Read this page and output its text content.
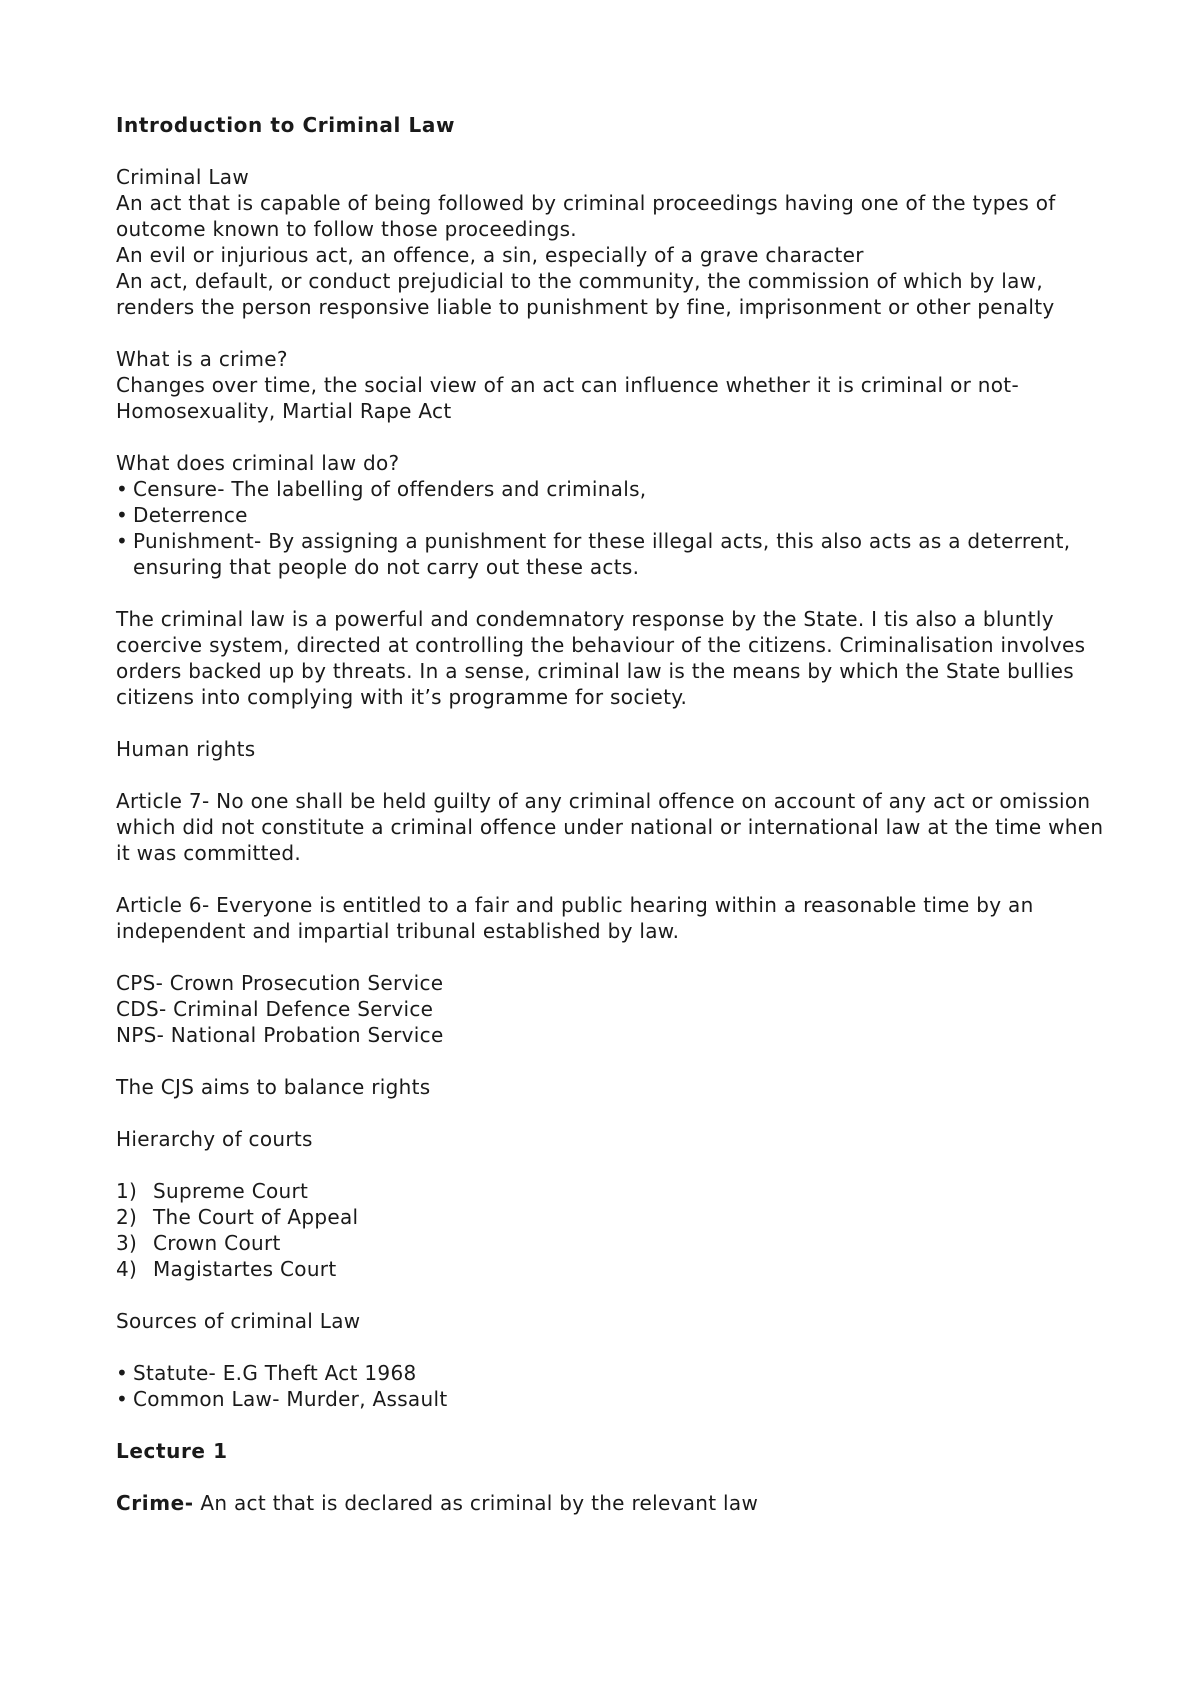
Introduction to Criminal Law

Criminal Law

An act that is capable of being followed by criminal proceedings having one of the types of outcome known to follow those proceedings.

An evil or injurious act, an offence, a sin, especially of a grave character

An act, default, or conduct prejudicial to the community, the commission of which by law, renders the person responsive liable to punishment by fine, imprisonment or other penalty

What is a crime?

Changes over time, the social view of an act can influence whether it is criminal or not- Homosexuality, Martial Rape Act

What does criminal law do?

• Censure- The labelling of offenders and criminals,
• Deterrence
• Punishment- By assigning a punishment for these illegal acts, this also acts as a deterrent, ensuring that people do not carry out these acts.

The criminal law is a powerful and condemnatory response by the State. I tis also a bluntly coercive system, directed at controlling the behaviour of the citizens. Criminalisation involves orders backed up by threats. In a sense, criminal law is the means by which the State bullies citizens into complying with it’s programme for society.

Human rights

Article 7- No one shall be held guilty of any criminal offence on account of any act or omission which did not constitute a criminal offence under national or international law at the time when it was committed.

Article 6- Everyone is entitled to a fair and public hearing within a reasonable time by an independent and impartial tribunal established by law.

CPS- Crown Prosecution Service

CDS- Criminal Defence Service

NPS- National Probation Service

The CJS aims to balance rights

Hierarchy of courts

1) Supreme Court
2) The Court of Appeal
3) Crown Court
4) Magistartes Court

Sources of criminal Law

• Statute- E.G Theft Act 1968
• Common Law- Murder, Assault
Lecture 1

Crime- An act that is declared as criminal by the relevant law
